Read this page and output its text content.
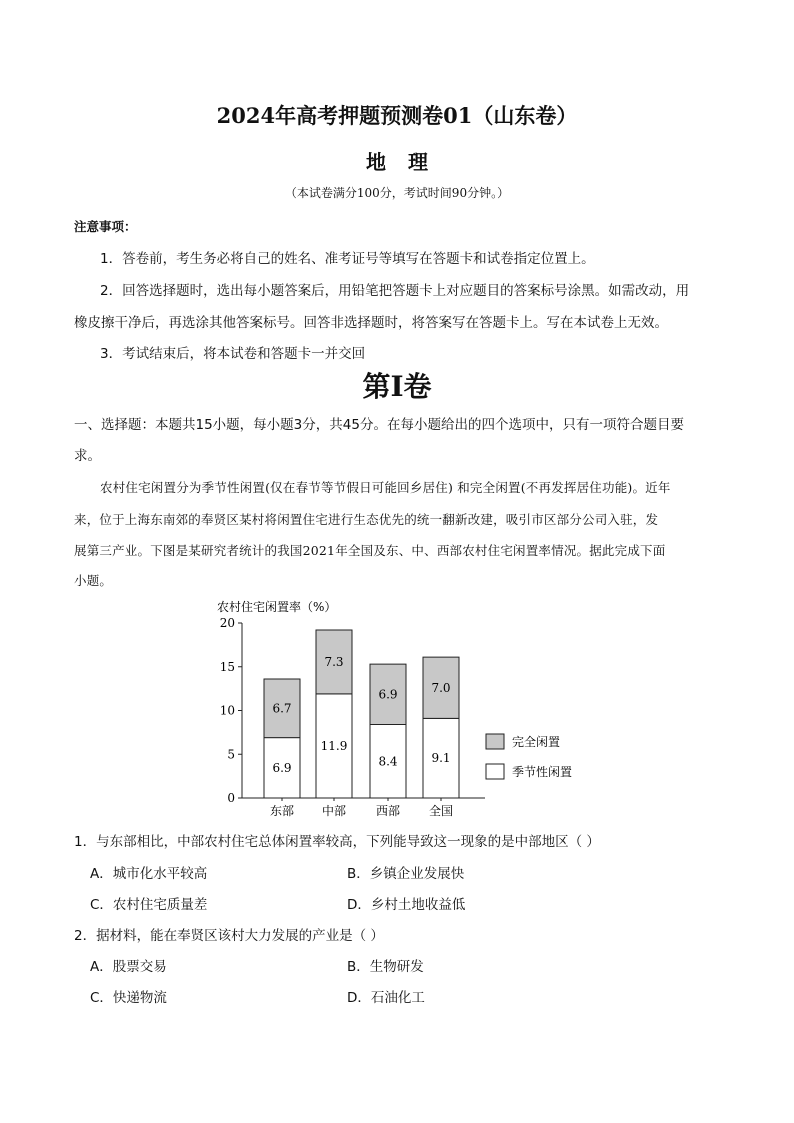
2024年高考押题预测卷01（山东卷）
地理
（本试卷满分100分，考试时间90分钟。）
注意事项：
1．答卷前，考生务必将自己的姓名、准考证号等填写在答题卡和试卷指定位置上。
2．回答选择题时，选出每小题答案后，用铅笔把答题卡上对应题目的答案标号涂黑。如需改动，用
橡皮擦干净后，再选涂其他答案标号。回答非选择题时，将答案写在答题卡上。写在本试卷上无效。
3．考试结束后，将本试卷和答题卡一并交回
第Ⅰ卷
一、选择题：本题共15小题，每小题3分，共45分。在每小题给出的四个选项中，只有一项符合题目要
求。
农村住宅闲置分为季节性闲置(仅在春节等节假日可能回乡居住) 和完全闲置(不再发挥居住功能)。近年
来，位于上海东南郊的奉贤区某村将闲置住宅进行生态优先的统一翻新改建，吸引市区部分公司入驻，发
展第三产业。下图是某研究者统计的我国2021年全国及东、中、西部农村住宅闲置率情况。据此完成下面
小题。
农村住宅闲置率（%）
0
5
10
15
20
6.9
6.7
东部
11.9
7.3
中部
8.4
6.9
西部
9.1
7.0
全国
完全闲置
季节性闲置
1．与东部相比，中部农村住宅总体闲置率较高，下列能导致这一现象的是中部地区（ ）
A．城市化水平较高	B．乡镇企业发展快
C．农村住宅质量差	D．乡村土地收益低
2．据材料，能在奉贤区该村大力发展的产业是（ ）
A．股票交易	B．生物研发
C．快递物流	D．石油化工
